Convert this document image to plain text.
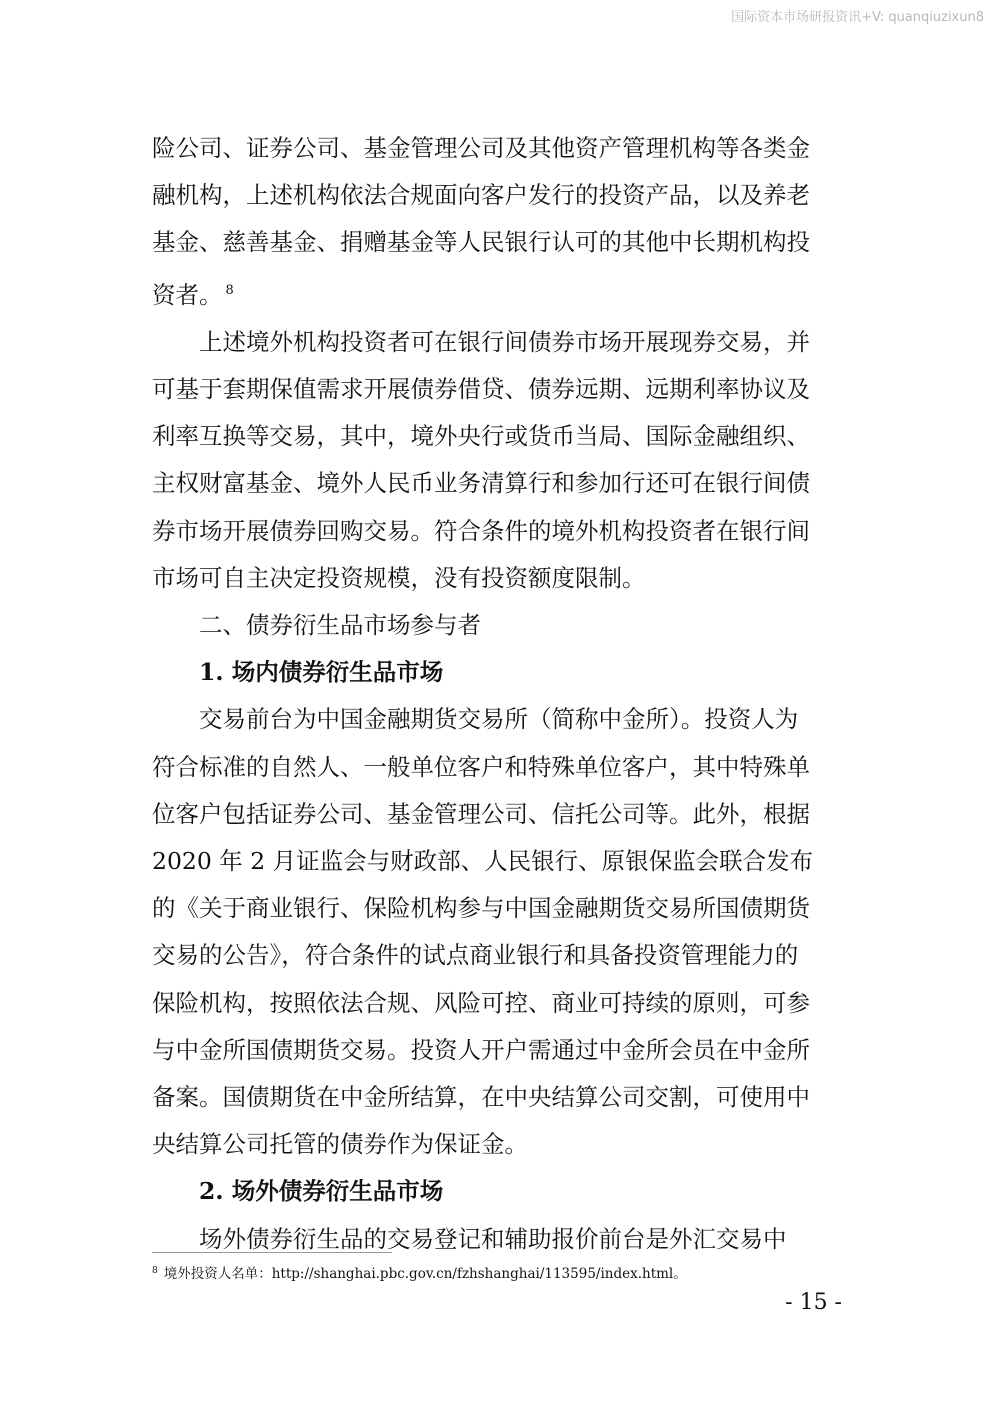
国际资本市场研报资讯+V: quanqiuzixun8

险公司、证券公司、基金管理公司及其他资产管理机构等各类金
融机构，上述机构依法合规面向客户发行的投资产品，以及养老
基金、慈善基金、捐赠基金等人民银行认可的其他中长期机构投
资者。 $^8$

上述境外机构投资者可在银行间债券市场开展现券交易，并
可基于套期保值需求开展债券借贷、债券远期、远期利率协议及
利率互换等交易，其中，境外央行或货币当局、国际金融组织、
主权财富基金、境外人民币业务清算行和参加行还可在银行间债
券市场开展债券回购交易。符合条件的境外机构投资者在银行间
市场可自主决定投资规模，没有投资额度限制。

二、债券衍生品市场参与者

1. 场内债券衍生品市场

交易前台为中国金融期货交易所（简称中金所）。投资人为
符合标准的自然人、一般单位客户和特殊单位客户，其中特殊单
位客户包括证券公司、基金管理公司、信托公司等。此外，根据
2020 年 2 月证监会与财政部、人民银行、原银保监会联合发布
的《关于商业银行、保险机构参与中国金融期货交易所国债期货
交易的公告》，符合条件的试点商业银行和具备投资管理能力的
保险机构，按照依法合规、风险可控、商业可持续的原则，可参
与中金所国债期货交易。投资人开户需通过中金所会员在中金所
备案。国债期货在中金所结算，在中央结算公司交割，可使用中
央结算公司托管的债券作为保证金。

2. 场外债券衍生品市场

场外债券衍生品的交易登记和辅助报价前台是外汇交易中

$^8$ 境外投资人名单：http://shanghai.pbc.gov.cn/fzhshanghai/113595/index.html。
- 15 -
